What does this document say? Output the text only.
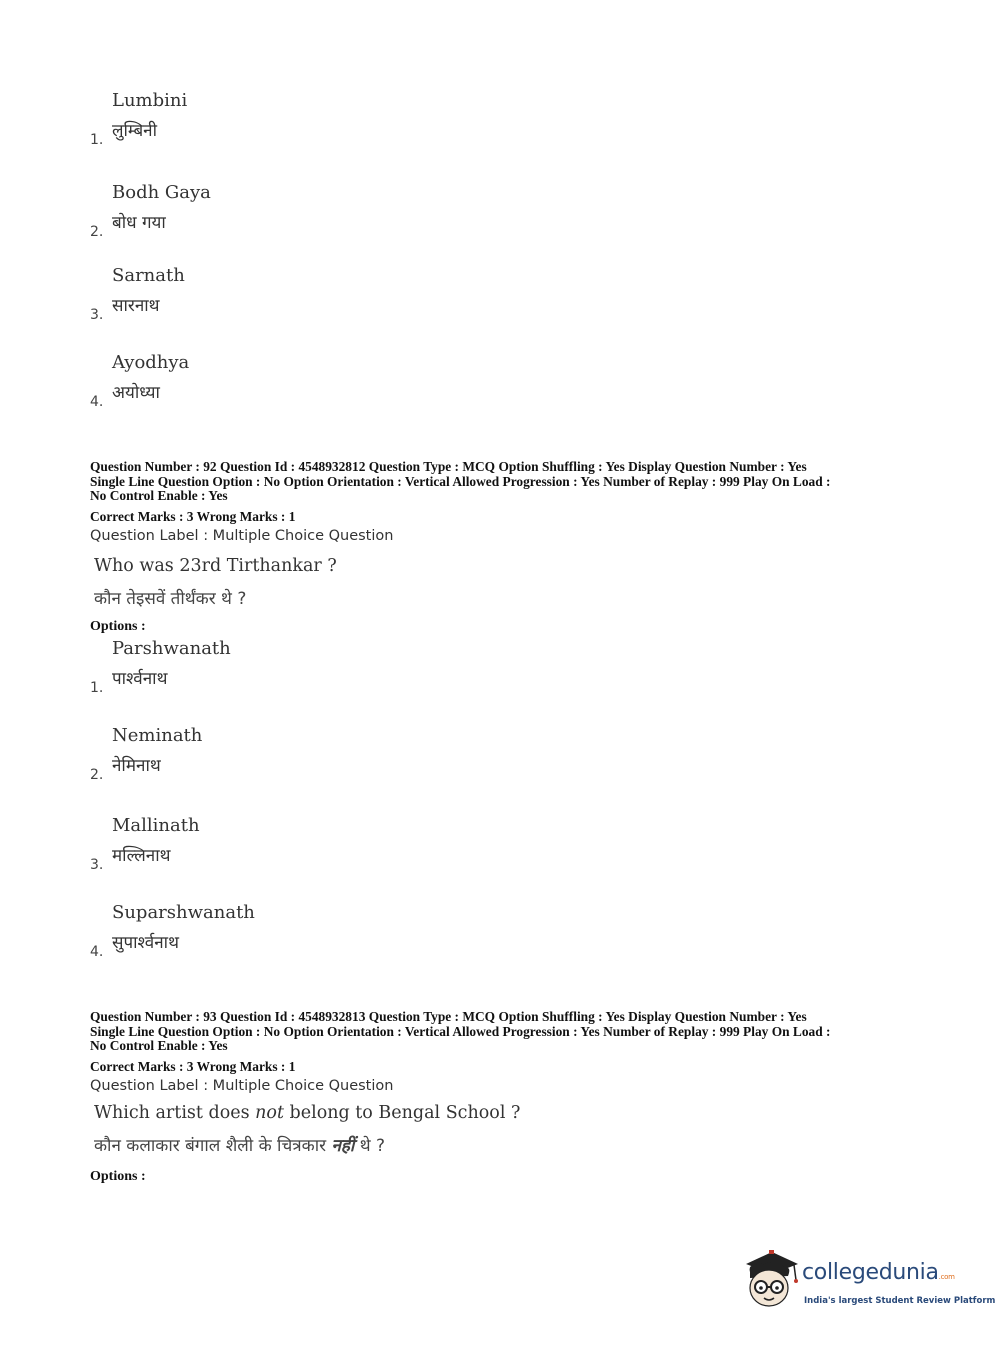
Lumbini
लुम्बिनी
1.
Bodh Gaya
बोध गया
2.
Sarnath
सारनाथ
3.
Ayodhya
अयोध्या
4.
Question Number : 92 Question Id : 4548932812 Question Type : MCQ Option Shuffling : Yes Display Question Number : Yes
Single Line Question Option : No Option Orientation : Vertical Allowed Progression : Yes Number of Replay : 999 Play On Load :
No Control Enable : Yes
Correct Marks : 3 Wrong Marks : 1
Question Label : Multiple Choice Question
Who was 23rd Tirthankar ?
कौन तेइसवें तीर्थंकर थे ?
Options :
Parshwanath
पार्श्वनाथ
1.
Neminath
नेमिनाथ
2.
Mallinath
मल्लिनाथ
3.
Suparshwanath
सुपार्श्वनाथ
4.
Question Number : 93 Question Id : 4548932813 Question Type : MCQ Option Shuffling : Yes Display Question Number : Yes
Single Line Question Option : No Option Orientation : Vertical Allowed Progression : Yes Number of Replay : 999 Play On Load :
No Control Enable : Yes
Correct Marks : 3 Wrong Marks : 1
Question Label : Multiple Choice Question
Which artist does not belong to Bengal School ?
कौन कलाकार बंगाल शैली के चित्रकार नहीं थे ?
Options :
collegedunia.com
India's largest Student Review Platform
